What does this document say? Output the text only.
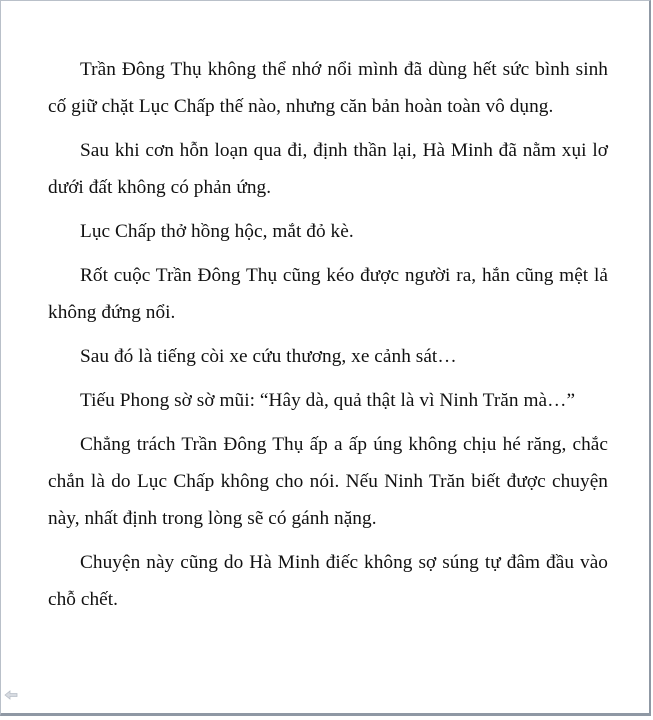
Trần Đông Thụ không thể nhớ nổi mình đã dùng hết sức bình sinh cố giữ chặt Lục Chấp thế nào, nhưng căn bản hoàn toàn vô dụng.

Sau khi cơn hỗn loạn qua đi, định thần lại, Hà Minh đã nằm xụi lơ dưới đất không có phản ứng.

Lục Chấp thở hồng hộc, mắt đỏ kè.

Rốt cuộc Trần Đông Thụ cũng kéo được người ra, hắn cũng mệt lả không đứng nổi.

Sau đó là tiếng còi xe cứu thương, xe cảnh sát…

Tiếu Phong sờ sờ mũi: “Hây dà, quả thật là vì Ninh Trăn mà…”

Chẳng trách Trần Đông Thụ ấp a ấp úng không chịu hé răng, chắc chắn là do Lục Chấp không cho nói. Nếu Ninh Trăn biết được chuyện này, nhất định trong lòng sẽ có gánh nặng.

Chuyện này cũng do Hà Minh điếc không sợ súng tự đâm đầu vào chỗ chết.
